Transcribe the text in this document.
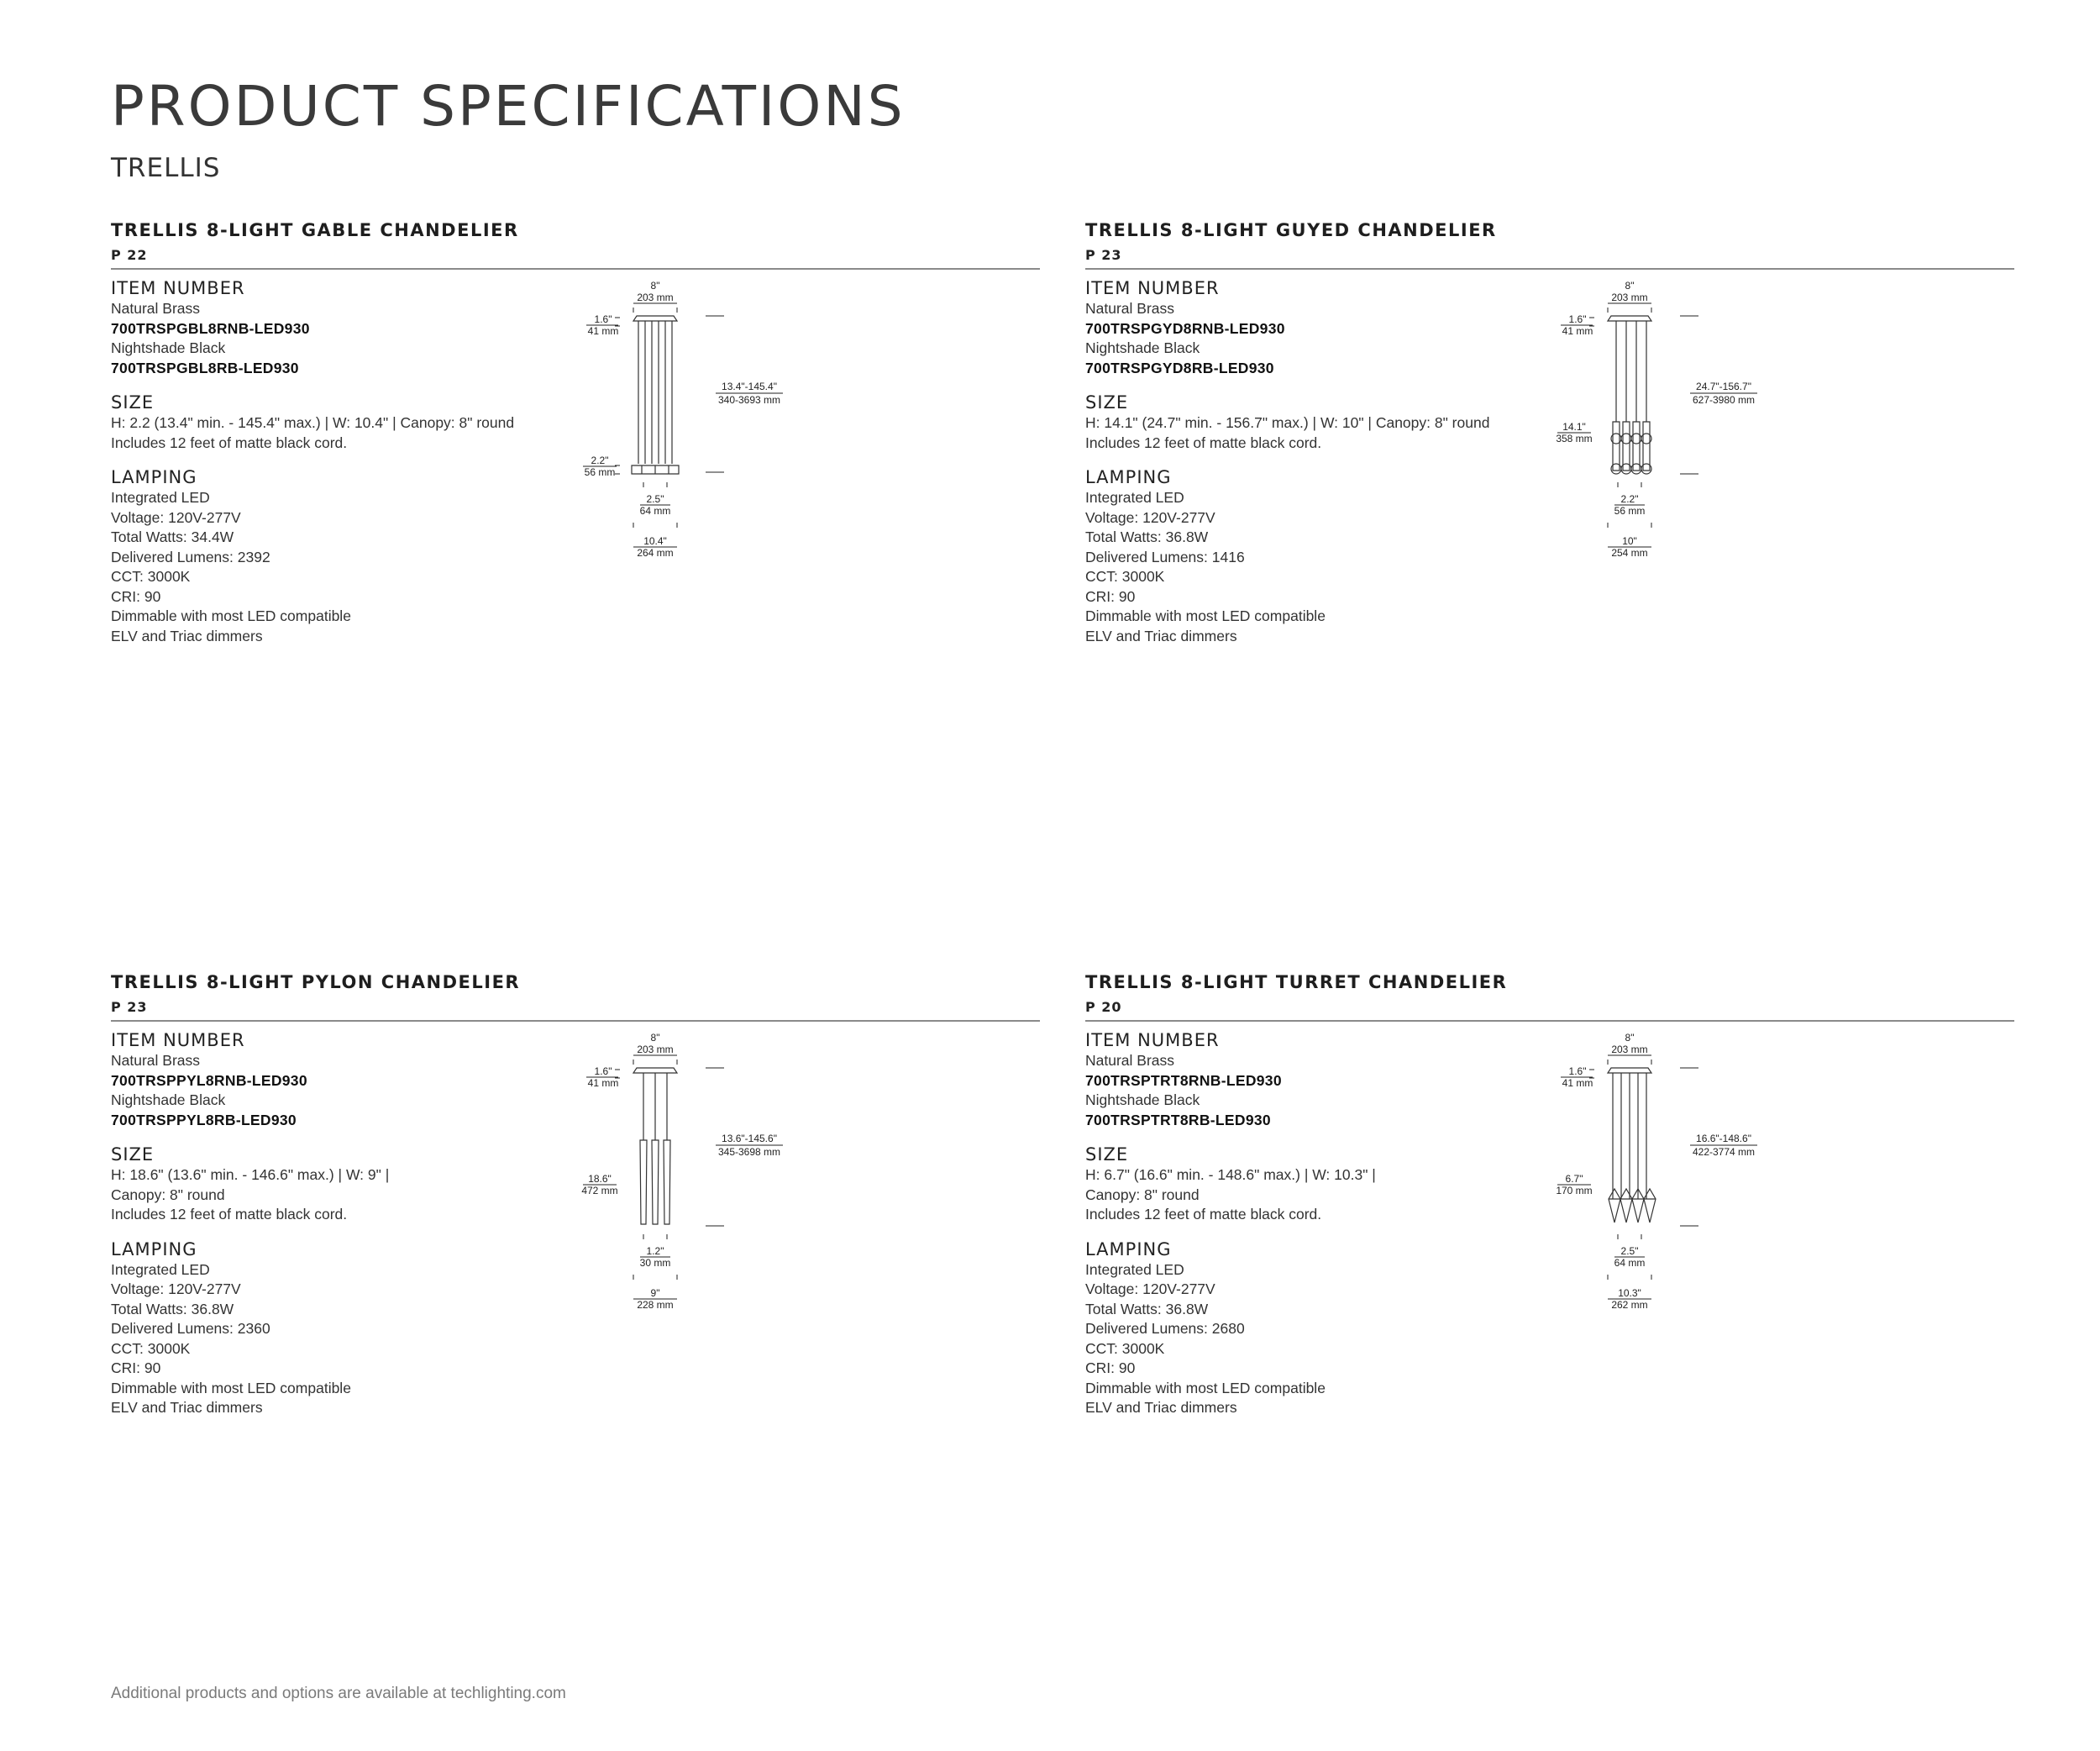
PRODUCT SPECIFICATIONS
TRELLIS
TRELLIS 8-LIGHT GABLE CHANDELIER
P 22
ITEM NUMBER
Natural Brass
700TRSPGBL8RNB-LED930
Nightshade Black
700TRSPGBL8RB-LED930
SIZE
H: 2.2 (13.4" min. - 145.4" max.) | W: 10.4" | Canopy: 8" round
Includes 12 feet of matte black cord.
LAMPING
Integrated LED
Voltage: 120V-277V
Total Watts: 34.4W
Delivered Lumens: 2392
CCT: 3000K
CRI: 90
Dimmable with most LED compatible
ELV and Triac dimmers
8"
203 mm
1.6"
41 mm
13.4"-145.4"
340-3693 mm
2.2"
56 mm
2.5"
64 mm
10.4"
264 mm
TRELLIS 8-LIGHT GUYED CHANDELIER
P 23
ITEM NUMBER
Natural Brass
700TRSPGYD8RNB-LED930
Nightshade Black
700TRSPGYD8RB-LED930
SIZE
H: 14.1" (24.7" min. - 156.7" max.) | W: 10" | Canopy: 8" round
Includes 12 feet of matte black cord.
LAMPING
Integrated LED
Voltage: 120V-277V
Total Watts: 36.8W
Delivered Lumens: 1416
CCT: 3000K
CRI: 90
Dimmable with most LED compatible
ELV and Triac dimmers
8"
203 mm
1.6"
41 mm
24.7"-156.7"
627-3980 mm
14.1"
358 mm
2.2"
56 mm
10"
254 mm
TRELLIS 8-LIGHT PYLON CHANDELIER
P 23
ITEM NUMBER
Natural Brass
700TRSPPYL8RNB-LED930
Nightshade Black
700TRSPPYL8RB-LED930
SIZE
H: 18.6" (13.6" min. - 146.6" max.) | W: 9" |
Canopy: 8" round
Includes 12 feet of matte black cord.
LAMPING
Integrated LED
Voltage: 120V-277V
Total Watts: 36.8W
Delivered Lumens: 2360
CCT: 3000K
CRI: 90
Dimmable with most LED compatible
ELV and Triac dimmers
8"
203 mm
1.6"
41 mm
13.6"-145.6"
345-3698 mm
18.6"
472 mm
1.2"
30 mm
9"
228 mm
TRELLIS 8-LIGHT TURRET CHANDELIER
P 20
ITEM NUMBER
Natural Brass
700TRSPTRT8RNB-LED930
Nightshade Black
700TRSPTRT8RB-LED930
SIZE
H: 6.7" (16.6" min. - 148.6" max.) | W: 10.3" |
Canopy: 8" round
Includes 12 feet of matte black cord.
LAMPING
Integrated LED
Voltage: 120V-277V
Total Watts: 36.8W
Delivered Lumens: 2680
CCT: 3000K
CRI: 90
Dimmable with most LED compatible
ELV and Triac dimmers
8"
203 mm
1.6"
41 mm
16.6"-148.6"
422-3774 mm
6.7"
170 mm
2.5"
64 mm
10.3"
262 mm
Additional products and options are available at techlighting.com
